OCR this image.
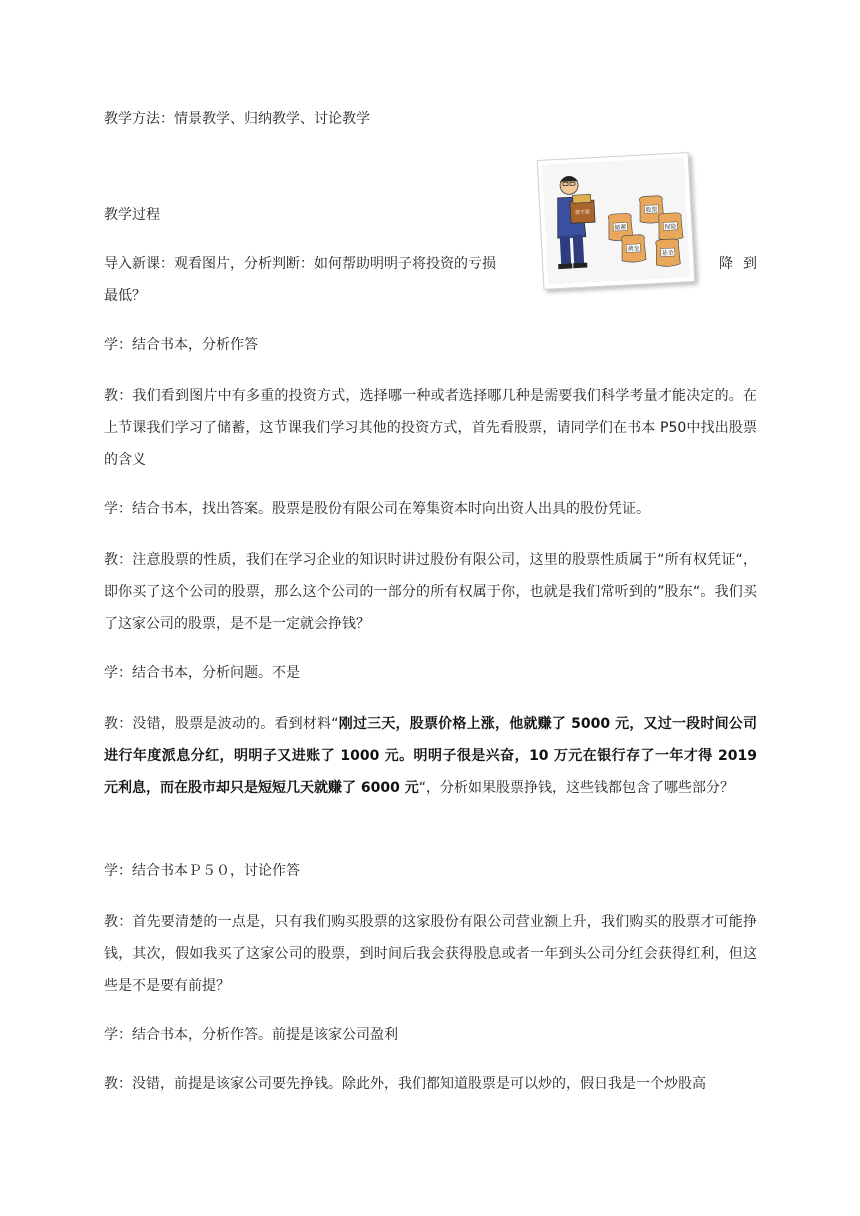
教学方法：情景教学、归纳教学、讨论教学
教学过程
导入新课：观看图片，分析判断：如何帮助明明子将投资的亏损	降 到
最低？
要不要
储蓄
股票
保险
黄金
基金
学：结合书本，分析作答
教：我们看到图片中有多重的投资方式，选择哪一种或者选择哪几种是需要我们科学考量才能决定的。在上节课我们学习了储蓄，这节课我们学习其他的投资方式，首先看股票，请同学们在书本 P50中找出股票的含义
学：结合书本，找出答案。股票是股份有限公司在筹集资本时向出资人出具的股份凭证。
教：注意股票的性质，我们在学习企业的知识时讲过股份有限公司，这里的股票性质属于“所有权凭证“，即你买了这个公司的股票，那么这个公司的一部分的所有权属于你，也就是我们常听到的”股东“。我们买了这家公司的股票，是不是一定就会挣钱？
学：结合书本，分析问题。不是
教：没错，股票是波动的。看到材料“刚过三天，股票价格上涨，他就赚了 5000 元，又过一段时间公司进行年度派息分红，明明子又进账了 1000 元。明明子很是兴奋，10 万元在银行存了一年才得 2019 元利息，而在股市却只是短短几天就赚了 6000 元“，分析如果股票挣钱，这些钱都包含了哪些部分？
学：结合书本Ｐ５０，讨论作答
教：首先要清楚的一点是，只有我们购买股票的这家股份有限公司营业额上升，我们购买的股票才可能挣钱，其次，假如我买了这家公司的股票，到时间后我会获得股息或者一年到头公司分红会获得红利，但这些是不是要有前提？
学：结合书本，分析作答。前提是该家公司盈利
教：没错，前提是该家公司要先挣钱。除此外，我们都知道股票是可以炒的，假日我是一个炒股高
